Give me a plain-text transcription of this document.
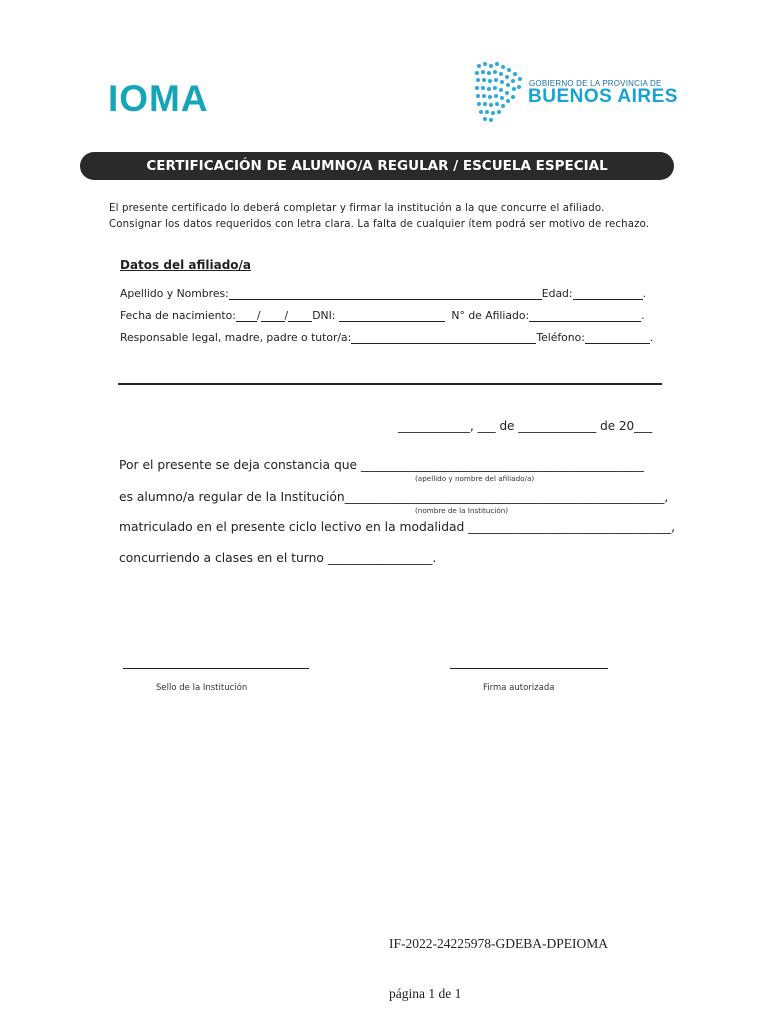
IOMA	GOBIERNO DE LA PROVINCIA DE
BUENOS AIRES
CERTIFICACIÓN DE ALUMNO/A REGULAR / ESCUELA ESPECIAL
El presente certificado lo deberá completar y firmar la institución a la que concurre el afiliado.
Consignar los datos requeridos con letra clara. La falta de cualquier ítem podrá ser motivo de rechazo.
Datos del afiliado/a
Apellido y Nombres:	Edad:	.
Fecha de nacimiento: / / DNI:	N° de Afiliado:	.
Responsable legal, madre, padre o tutor/a:	Teléfono:	.
____________, ___ de _____________ de 20___
Por el presente se deja constancia que ______________________________________________
(apellido y nombre del afiliado/a)
es alumno/a regular de la Institución____________________________________________________,
(nombre de la Institución)
matriculado en el presente ciclo lectivo en la modalidad _________________________________,
concurriendo a clases en el turno _________________.
Sello de la Institución	Firma autorizada
IF-2022-24225978-GDEBA-DPEIOMA
página 1 de 1
